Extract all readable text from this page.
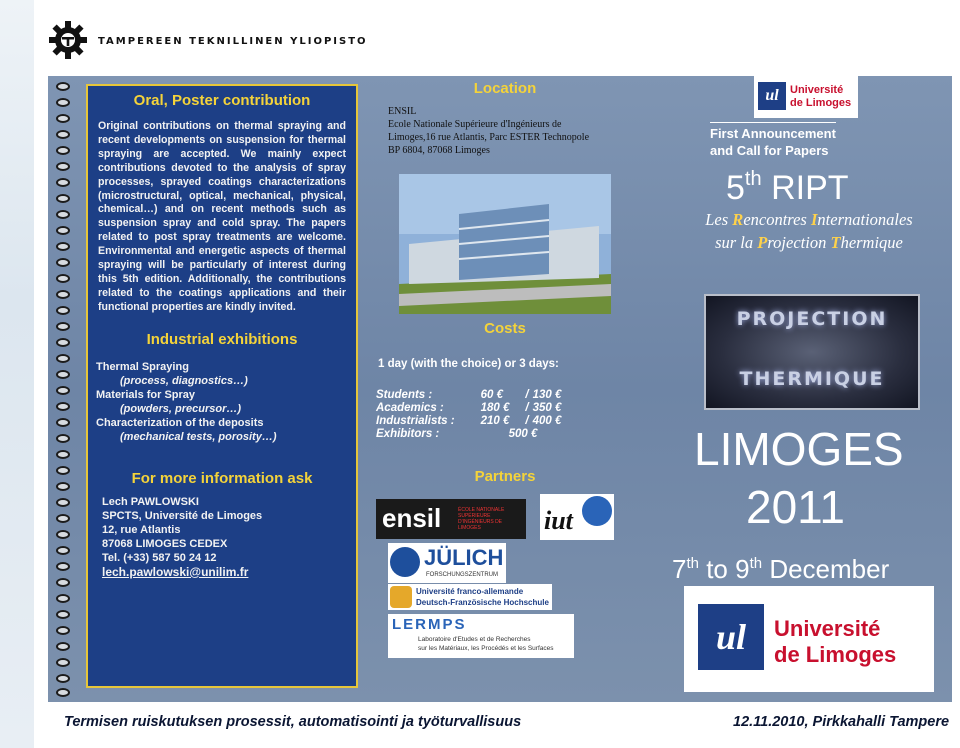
TAMPEREEN TEKNILLINEN YLIOPISTO
Oral, Poster contribution
Original contributions on thermal spraying and recent developments on suspension for thermal spraying are accepted. We mainly expect contributions devoted to the analysis of spray processes, sprayed coatings characterizations (microstructural, optical, mechanical, physical, chemical…) and on recent methods such as suspension spray and cold spray. The papers related to post spray treatments are welcome. Environmental and energetic aspects of thermal spraying will be particularly of interest during this 5th edition. Additionally, the contributions related to the coatings applications and their functional properties are kindly invited.
Industrial exhibitions
Thermal Spraying
(process, diagnostics…)
Materials for Spray
(powders, precursor…)
Characterization of the deposits
(mechanical tests, porosity…)
For more information ask
Lech PAWLOWSKI
SPCTS, Université de Limoges
12, rue Atlantis
87068 LIMOGES CEDEX
Tel. (+33) 587 50 24 12
lech.pawlowski@unilim.fr
Location
ENSIL
Ecole Nationale Supérieure d'Ingénieurs de
Limoges,16 rue Atlantis, Parc ESTER Technopole
BP 6804, 87068 Limoges
Costs
1 day (with the choice) or 3 days:
Students :	60 €	/	130 €
Academics :	180 €	/	350 €
Industrialists :	210 €	/	400 €
Exhibitors :	500 €		
Partners
ensil	ÉCOLE NATIONALE SUPÉRIEURE D'INGÉNIEURS DE LIMOGES	iut
JÜLICH
FORSCHUNGSZENTRUM
Université franco-allemande
Deutsch-Französische Hochschule
LERMPS
Laboratoire d'Etudes et de Recherches
sur les Matériaux, les Procédés et les Surfaces
ul	Université
de Limoges
First Announcement
and Call for Papers
5th RIPT
Les Rencontres Internationales
sur la Projection Thermique
PROJECTION
THERMIQUE
LIMOGES
2011
7th to 9th December
ul	Université
de Limoges
Termisen ruiskutuksen prosessit, automatisointi ja työturvallisuus	12.11.2010, Pirkkahalli Tampere
